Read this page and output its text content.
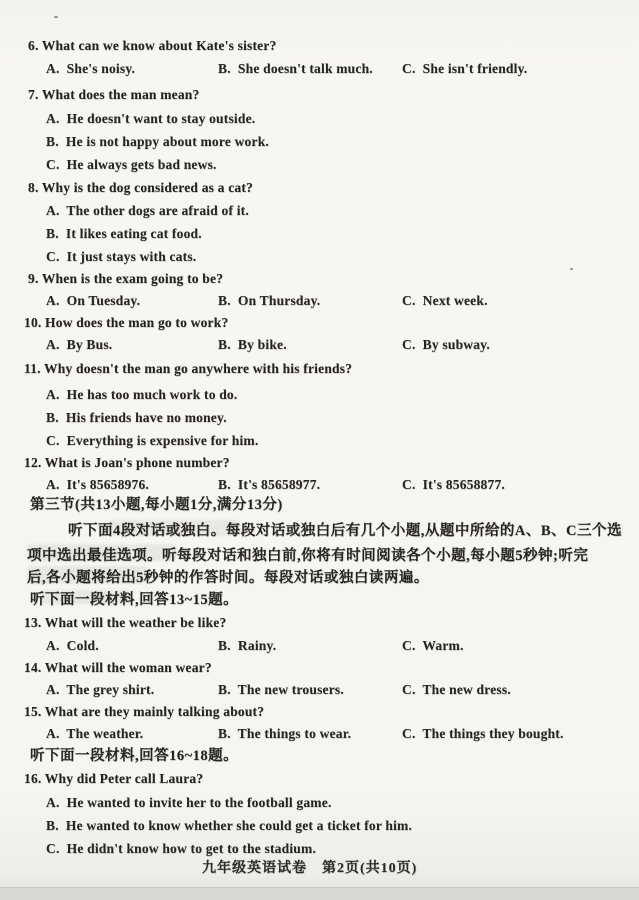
6. What can we know about Kate's sister?
A.  She's noisy.	B.  She doesn't talk much. C.  She isn't friendly.
7. What does the man mean?
A.  He doesn't want to stay outside.
B.  He is not happy about more work.
C.  He always gets bad news.
8. Why is the dog considered as a cat?
A.  The other dogs are afraid of it.
B.  It likes eating cat food.
C.  It just stays with cats.
9. When is the exam going to be?
A.  On Tuesday.	B.  On Thursday.	C.  Next week.
10. How does the man go to work?
A.  By Bus.	B.  By bike.	C.  By subway.
11. Why doesn't the man go anywhere with his friends?
A.  He has too much work to do.
B.  His friends have no money.
C.  Everything is expensive for him.
12. What is Joan's phone number?
A.  It's 85658976.	B.  It's 85658977.	C.  It's 85658877.
第三节(共13小题,每小题1分,满分13分)
听下面4段对话或独白。每段对话或独白后有几个小题,从题中所给的A、B、C三个选
项中选出最佳选项。听每段对话和独白前,你将有时间阅读各个小题,每小题5秒钟;听完
后,各小题将给出5秒钟的作答时间。每段对话或独白读两遍。
听下面一段材料,回答13~15题。
13. What will the weather be like?
A.  Cold.	B.  Rainy.	C.  Warm.
14. What will the woman wear?
A.  The grey shirt.	B.  The new trousers.	C.  The new dress.
15. What are they mainly talking about?
A.  The weather.	B.  The things to wear.	C.  The things they bought.
听下面一段材料,回答16~18题。
16. Why did Peter call Laura?
A.  He wanted to invite her to the football game.
B.  He wanted to know whether she could get a ticket for him.
C.  He didn't know how to get to the stadium.
九年级英语试卷　第2页(共10页)
